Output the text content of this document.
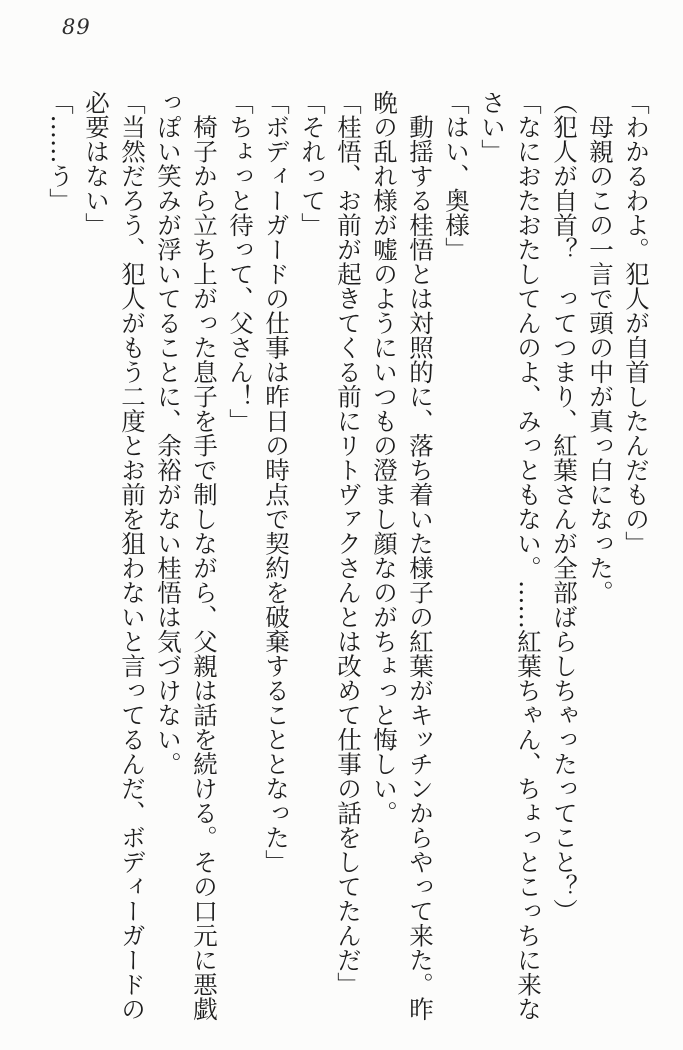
89
「わかるわよ。犯人が自首したんだもの」
　母親のこの一言で頭の中が真っ白になった。
（犯人が自首？　ってつまり、紅葉さんが全部ばらしちゃったってこと？）
「なにおたおたしてんのよ、みっともない。……紅葉ちゃん、ちょっとこっちに来な
さい」
「はい、奥様」
　動揺する桂悟とは対照的に、落ち着いた様子の紅葉がキッチンからやって来た。昨
晩の乱れ様が嘘のようにいつもの澄まし顔なのがちょっと悔しい。
「桂悟、お前が起きてくる前にリトヴァクさんとは改めて仕事の話をしてたんだ」
「それって」
「ボディーガードの仕事は昨日の時点で契約を破棄することとなった」
「ちょっと待って、父さん！」
　椅子から立ち上がった息子を手で制しながら、父親は話を続ける。その口元に悪戯
っぽい笑みが浮いてることに、余裕がない桂悟は気づけない。
「当然だろう、犯人がもう二度とお前を狙わないと言ってるんだ、ボディーガードの
必要はない」
「……う」
